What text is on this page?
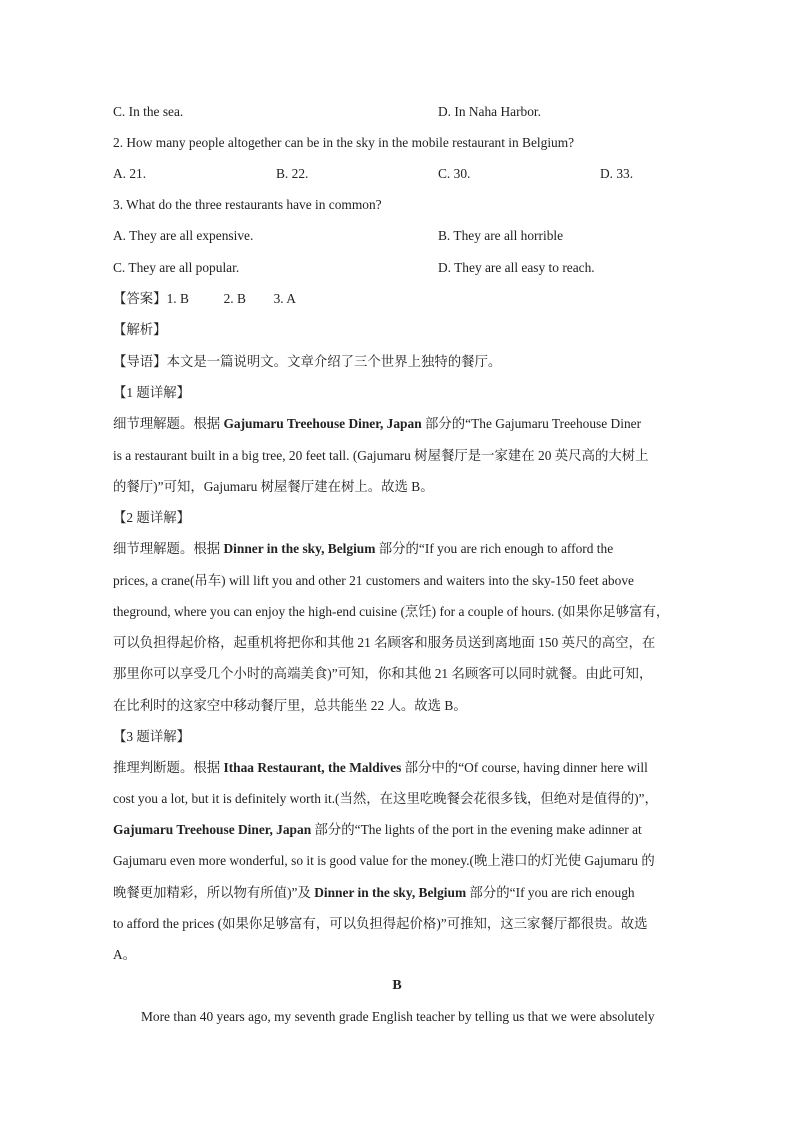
C. In the sea.	D. In Naha Harbor.
2. How many people altogether can be in the sky in the mobile restaurant in Belgium?
A. 21.	B. 22.	C. 30.	D. 33.
3. What do the three restaurants have in common?
A. They are all expensive.	B. They are all horrible
C. They are all popular.	D. They are all easy to reach.
【答案】1. B	2. B 3. A
【解析】
【导语】本文是一篇说明文。文章介绍了三个世界上独特的餐厅。
【1 题详解】
细节理解题。根据 Gajumaru Treehouse Diner, Japan 部分的“The Gajumaru Treehouse Diner
is a restaurant built in a big tree, 20 feet tall. (Gajumaru 树屋餐厅是一家建在 20 英尺高的大树上
的餐厅)”可知，Gajumaru 树屋餐厅建在树上。故选 B。
【2 题详解】
细节理解题。根据 Dinner in the sky, Belgium 部分的“If you are rich enough to afford the
prices, a crane(吊车) will lift you and other 21 customers and waiters into the sky-150 feet above
theground, where you can enjoy the high-end cuisine (烹饪) for a couple of hours. (如果你足够富有，
可以负担得起价格，起重机将把你和其他 21 名顾客和服务员送到离地面 150 英尺的高空，在
那里你可以享受几个小时的高端美食)”可知，你和其他 21 名顾客可以同时就餐。由此可知，
在比利时的这家空中移动餐厅里，总共能坐 22 人。故选 B。
【3 题详解】
推理判断题。根据 Ithaa Restaurant, the Maldives 部分中的“Of course, having dinner here will
cost you a lot, but it is definitely worth it.(当然，在这里吃晚餐会花很多钱，但绝对是值得的)”，
Gajumaru Treehouse Diner, Japan 部分的“The lights of the port in the evening make adinner at
Gajumaru even more wonderful, so it is good value for the money.(晚上港口的灯光使 Gajumaru 的
晚餐更加精彩，所以物有所值)”及 Dinner in the sky, Belgium 部分的“If you are rich enough
to afford the prices (如果你足够富有，可以负担得起价格)”可推知，这三家餐厅都很贵。故选
A。
B
More than 40 years ago, my seventh grade English teacher by telling us that we were absolutely
